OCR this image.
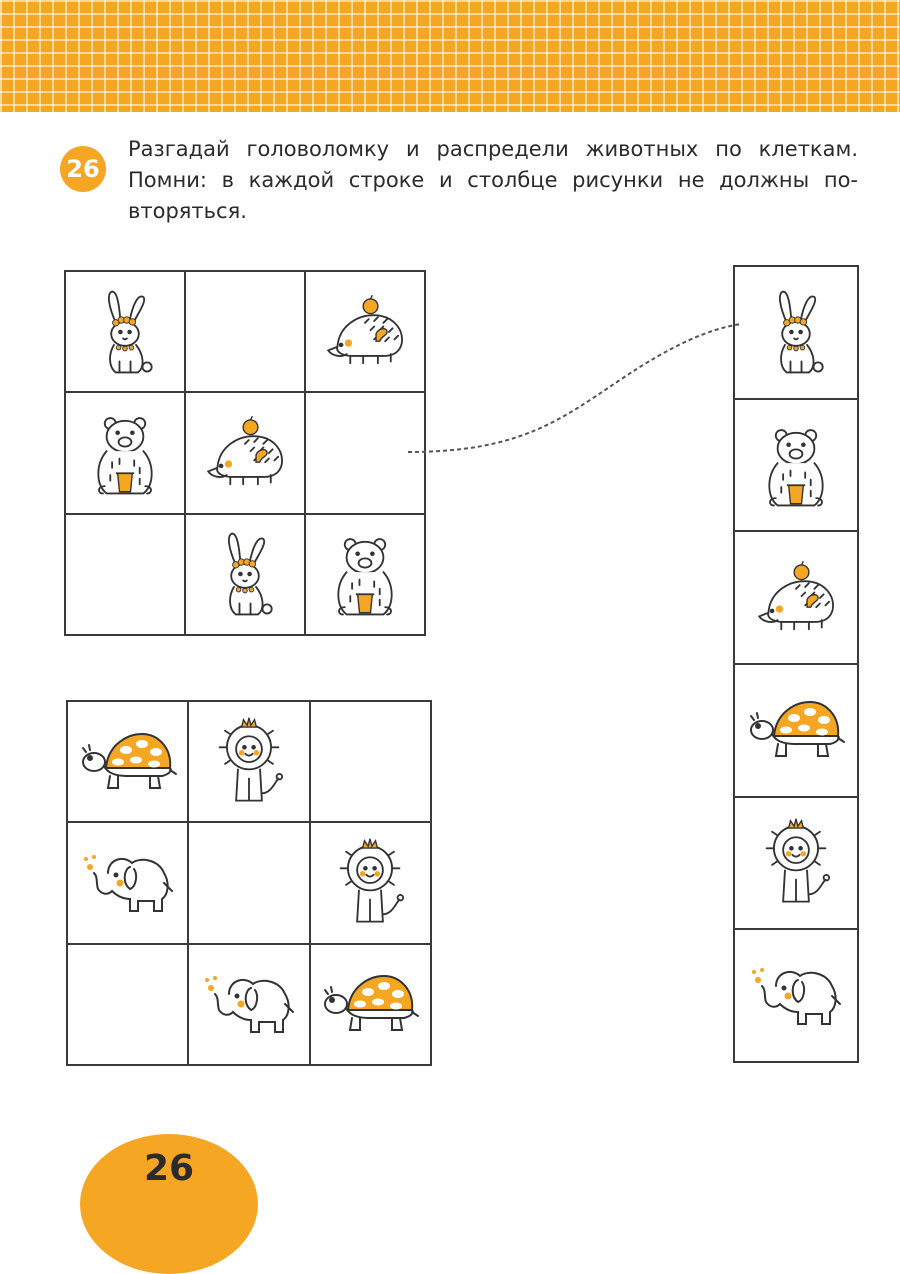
26
Разгадай головоломку и распредели животных по клеткам. Помни: в каждой строке и столбце рисунки не должны по-вторяться.
26
